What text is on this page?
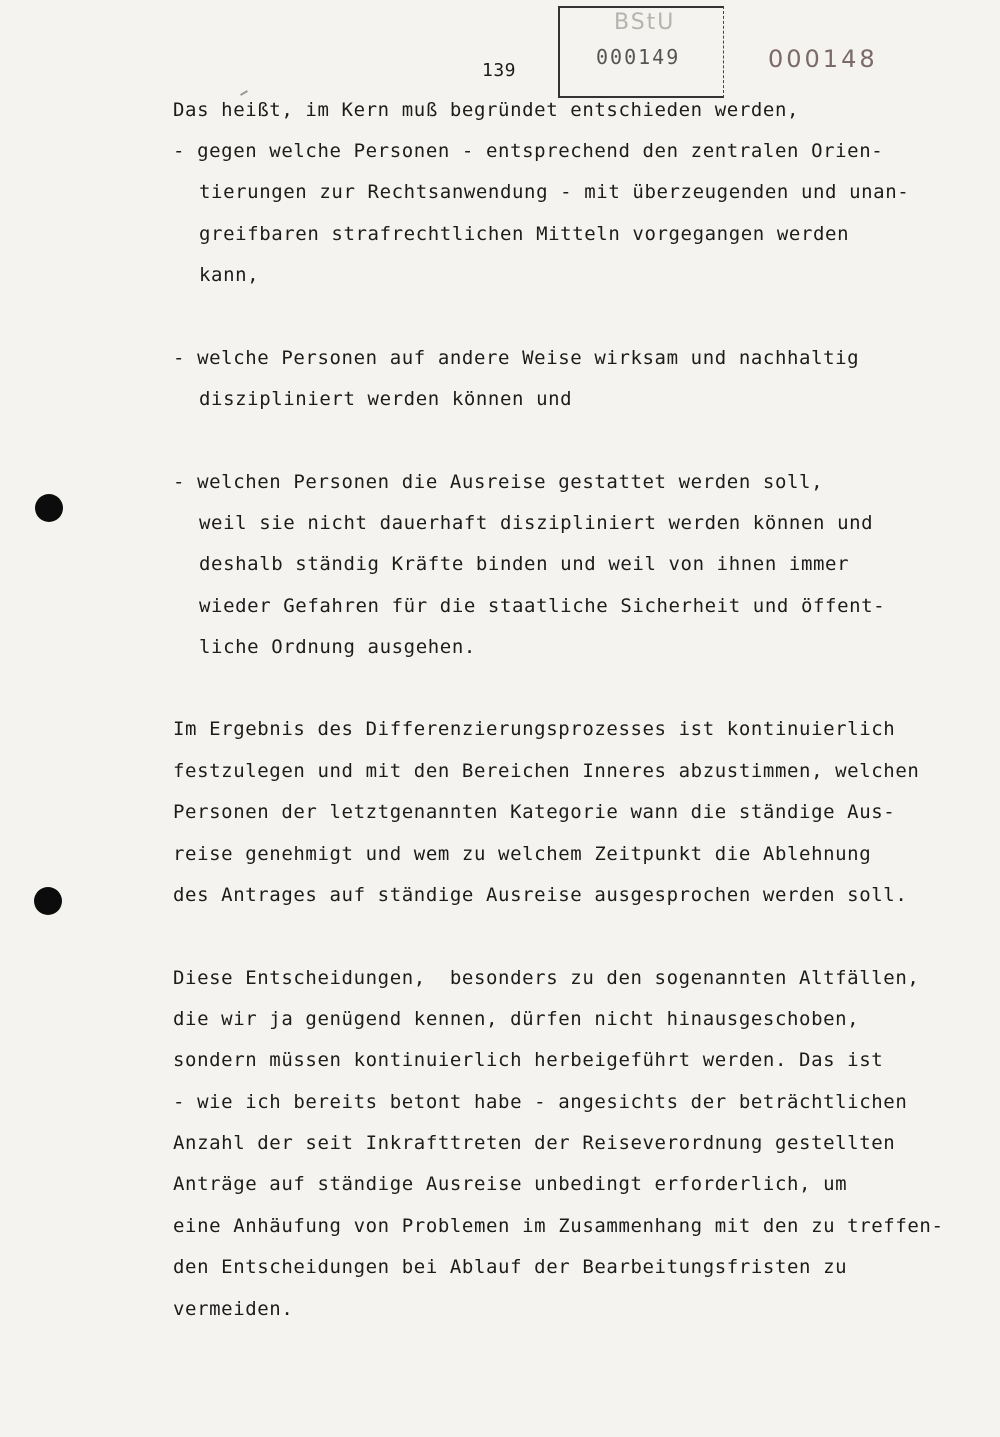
BStU
000149	000148
139
Das heißt, im Kern muß begründet entschieden werden,
- gegen welche Personen - entsprechend den zentralen Orien-
tierungen zur Rechtsanwendung - mit überzeugenden und unan-
greifbaren strafrechtlichen Mitteln vorgegangen werden
kann,
- welche Personen auf andere Weise wirksam und nachhaltig
diszipliniert werden können und
- welchen Personen die Ausreise gestattet werden soll,
weil sie nicht dauerhaft diszipliniert werden können und
deshalb ständig Kräfte binden und weil von ihnen immer
wieder Gefahren für die staatliche Sicherheit und öffent-
liche Ordnung ausgehen.
Im Ergebnis des Differenzierungsprozesses ist kontinuierlich
festzulegen und mit den Bereichen Inneres abzustimmen, welchen
Personen der letztgenannten Kategorie wann die ständige Aus-
reise genehmigt und wem zu welchem Zeitpunkt die Ablehnung
des Antrages auf ständige Ausreise ausgesprochen werden soll.
Diese Entscheidungen,  besonders zu den sogenannten Altfällen,
die wir ja genügend kennen, dürfen nicht hinausgeschoben,
sondern müssen kontinuierlich herbeigeführt werden. Das ist
- wie ich bereits betont habe - angesichts der beträchtlichen
Anzahl der seit Inkrafttreten der Reiseverordnung gestellten
Anträge auf ständige Ausreise unbedingt erforderlich, um
eine Anhäufung von Problemen im Zusammenhang mit den zu treffen-
den Entscheidungen bei Ablauf der Bearbeitungsfristen zu
vermeiden.
